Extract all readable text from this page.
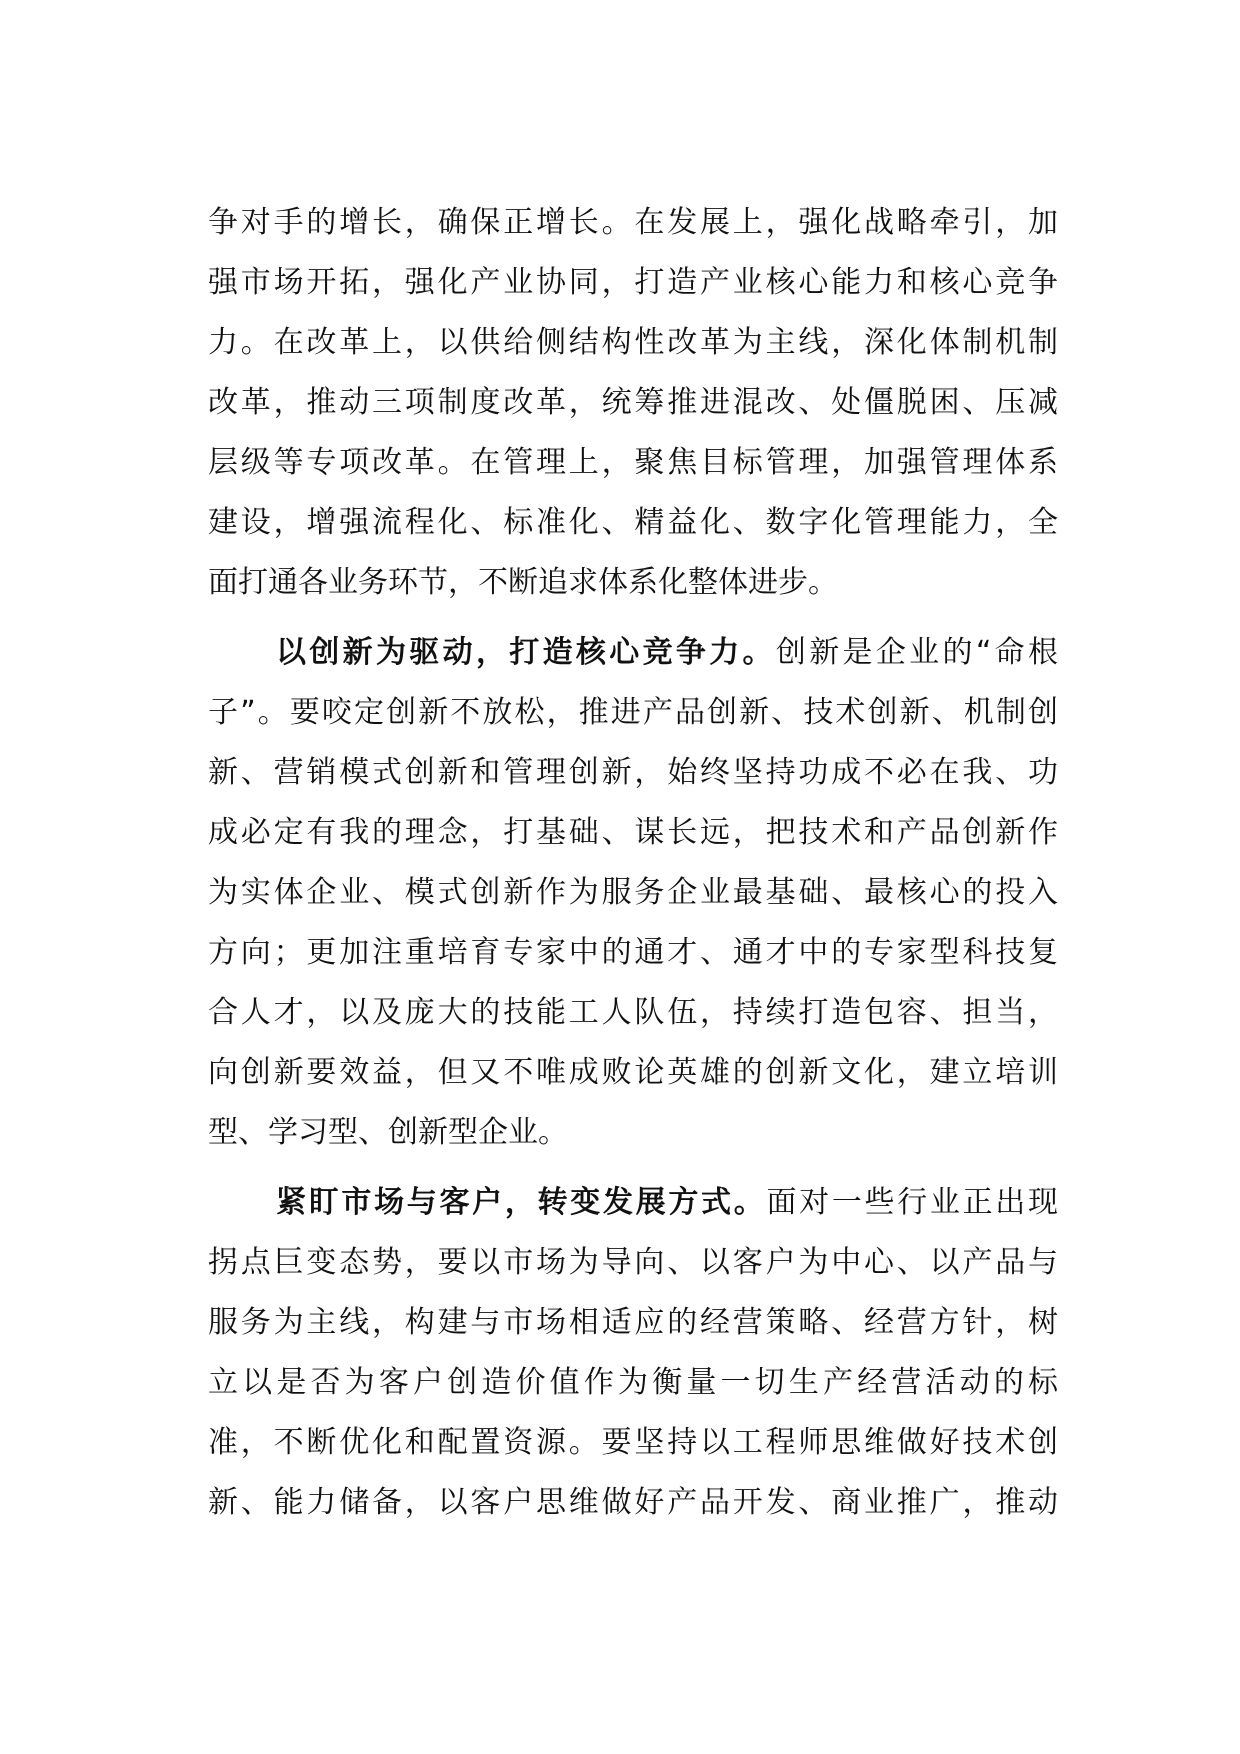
争对手的增长，确保正增长。在发展上，强化战略牵引，加
强市场开拓，强化产业协同，打造产业核心能力和核心竞争
力。在改革上，以供给侧结构性改革为主线，深化体制机制
改革，推动三项制度改革，统筹推进混改、处僵脱困、压减
层级等专项改革。在管理上，聚焦目标管理，加强管理体系
建设，增强流程化、标准化、精益化、数字化管理能力，全
面打通各业务环节，不断追求体系化整体进步。
以创新为驱动，打造核心竞争力。创新是企业的“命根
子”。要咬定创新不放松，推进产品创新、技术创新、机制创
新、营销模式创新和管理创新，始终坚持功成不必在我、功
成必定有我的理念，打基础、谋长远，把技术和产品创新作
为实体企业、模式创新作为服务企业最基础、最核心的投入
方向；更加注重培育专家中的通才、通才中的专家型科技复
合人才，以及庞大的技能工人队伍，持续打造包容、担当，
向创新要效益，但又不唯成败论英雄的创新文化，建立培训
型、学习型、创新型企业。
紧盯市场与客户，转变发展方式。面对一些行业正出现
拐点巨变态势，要以市场为导向、以客户为中心、以产品与
服务为主线，构建与市场相适应的经营策略、经营方针，树
立以是否为客户创造价值作为衡量一切生产经营活动的标
准，不断优化和配置资源。要坚持以工程师思维做好技术创
新、能力储备，以客户思维做好产品开发、商业推广，推动
